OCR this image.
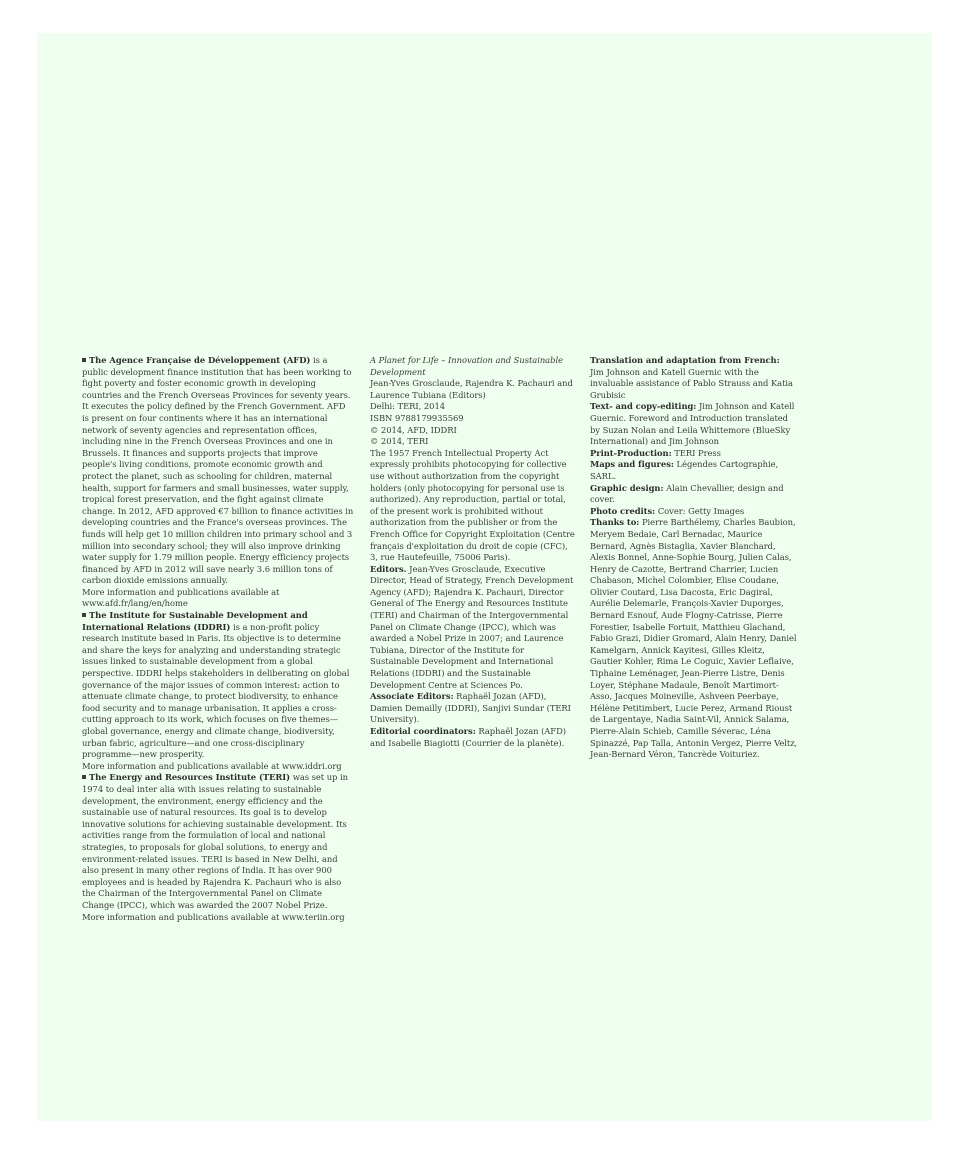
The Agence Française de Développement (AFD) is a public development finance institution that has been working to fight poverty and foster economic growth in developing countries and the French Overseas Provinces for seventy years. It executes the policy defined by the French Government. AFD is present on four continents where it has an international network of seventy agencies and representation offices, including nine in the French Overseas Provinces and one in Brussels. It finances and supports projects that improve people's living conditions, promote economic growth and protect the planet, such as schooling for children, maternal health, support for farmers and small businesses, water supply, tropical forest preservation, and the fight against climate change. In 2012, AFD approved €7 billion to finance activities in developing countries and the France's overseas provinces. The funds will help get 10 million children into primary school and 3 million into secondary school; they will also improve drinking water supply for 1.79 million people. Energy efficiency projects financed by AFD in 2012 will save nearly 3.6 million tons of carbon dioxide emissions annually.

More information and publications available at www.afd.fr/lang/en/home

The Institute for Sustainable Development and International Relations (IDDRI) is a non-profit policy research institute based in Paris. Its objective is to determine and share the keys for analyzing and understanding strategic issues linked to sustainable development from a global perspective. IDDRI helps stakeholders in deliberating on global governance of the major issues of common interest: action to attenuate climate change, to protect biodiversity, to enhance food security and to manage urbanisation. It applies a cross-cutting approach to its work, which focuses on five themes—global governance, energy and climate change, biodiversity, urban fabric, agriculture—and one cross-disciplinary programme—new prosperity.

More information and publications available at www.iddri.org

The Energy and Resources Institute (TERI) was set up in 1974 to deal inter alia with issues relating to sustainable development, the environment, energy efficiency and the sustainable use of natural resources. Its goal is to develop innovative solutions for achieving sustainable development. Its activities range from the formulation of local and national strategies, to proposals for global solutions, to energy and environment-related issues. TERI is based in New Delhi, and also present in many other regions of India. It has over 900 employees and is headed by Rajendra K. Pachauri who is also the Chairman of the Intergovernmental Panel on Climate Change (IPCC), which was awarded the 2007 Nobel Prize.

More information and publications available at www.teriin.org

A Planet for Life – Innovation and Sustainable Development

Jean-Yves Grosclaude, Rajendra K. Pachauri and Laurence Tubiana (Editors)

Delhi: TERI, 2014

ISBN 9788179935569

© 2014, AFD, IDDRI

© 2014, TERI

The 1957 French Intellectual Property Act expressly prohibits photocopying for collective use without authorization from the copyright holders (only photocopying for personal use is authorized). Any reproduction, partial or total, of the present work is prohibited without authorization from the publisher or from the French Office for Copyright Exploitation (Centre français d'exploitation du droit de copie (CFC), 3, rue Hautefeuille, 75006 Paris).

Editors. Jean-Yves Grosclaude, Executive Director, Head of Strategy, French Development Agency (AFD); Rajendra K. Pachauri, Director General of The Energy and Resources Institute (TERI) and Chairman of the Intergovernmental Panel on Climate Change (IPCC), which was awarded a Nobel Prize in 2007; and Laurence Tubiana, Director of the Institute for Sustainable Development and International Relations (IDDRI) and the Sustainable Development Centre at Sciences Po.

Associate Editors: Raphaël Jozan (AFD), Damien Demailly (IDDRI), Sanjivi Sundar (TERI University).

Editorial coordinators: Raphaël Jozan (AFD) and Isabelle Biagiotti (Courrier de la planète).

Translation and adaptation from French:

Jim Johnson and Katell Guernic with the invaluable assistance of Pablo Strauss and Katia Grubisic

Text- and copy-editing: Jim Johnson and Katell Guernic. Foreword and Introduction translated by Suzan Nolan and Leila Whittemore (BlueSky International) and Jim Johnson

Print-Production: TERI Press

Maps and figures: Légendes Cartographie, SARL.

Graphic design: Alain Chevallier, design and cover.

Photo credits: Cover: Getty Images

Thanks to: Pierre Barthélemy, Charles Baubion, Meryem Bedaie, Carl Bernadac, Maurice Bernard, Agnès Bistaglia, Xavier Blanchard, Alexis Bonnel, Anne-Sophie Bourg, Julien Calas, Henry de Cazotte, Bertrand Charrier, Lucien Chabason, Michel Colombier, Elise Coudane, Olivier Coutard, Lisa Dacosta, Eric Dagiral, Aurélie Delemarle, François-Xavier Duporges, Bernard Esnouf, Aude Flogny-Catrisse, Pierre Forestier, Isabelle Fortuit, Matthieu Glachand, Fabio Grazi, Didier Gromard, Alain Henry, Daniel Kamelgarn, Annick Kayitesi, Gilles Kleitz, Gautier Kohler, Rima Le Coguic, Xavier Leflaive, Tiphaine Leménager, Jean-Pierre Listre, Denis Loyer, Stéphane Madaule, Benoît Martimort-Asso, Jacques Moineville, Ashveen Peerbaye, Hélène Petitimbert, Lucie Perez, Armand Rioust de Largentaye, Nadia Saint-Vil, Annick Salama, Pierre-Alain Schieb, Camille Séverac, Léna Spinazzé, Pap Talla, Antonin Vergez, Pierre Veltz, Jean-Bernard Véron, Tancrède Voituriez.
